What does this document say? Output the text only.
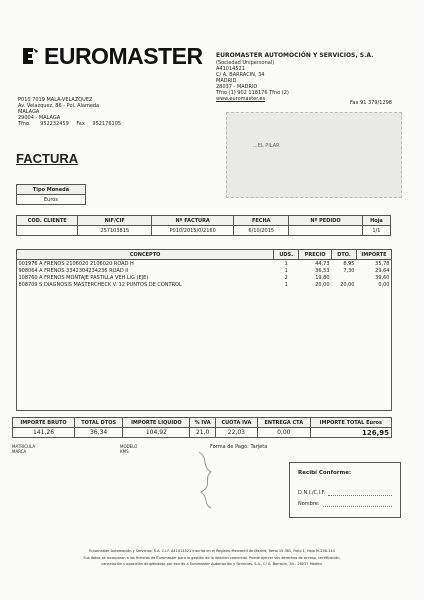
EUROMASTER EUROMASTER AUTOMOCIÓN Y SERVICIOS, S.A.
(Sociedad Unipersonal)
A41014521
C/ A. BARRACIN, 34
MADRID
28037 - MADRID
Tfno (1) 902 118176 Tfno (2)
www.euromaster.es
Fax 91 379/1298
P010 7019 MALA-VELAZQUEZ
Av. Velazquez, 86 - Pol. Alameda
MALAGA
29004 - MALAGA
Tfno. 952232459 Fax 952176105
...EL PILAR
FACTURA
Tipo Moneda
Euros
COD. CLIENTE	NIF/CIF	Nº FACTURA	FECHA	Nº PEDIDO	Hoja
	25710381S	P010/2015/0/2160	6/10/2015		1/1
CONCEPTO	UDS.	PRECIO	DTO.	IMPORTE
001976 A FRENOS 2106020 2106020 ROAD H	1	44,73	8,95	35,78
908064 A FRENOS 3342304234236 ROAD II	1	36,53	7,30	29,64
108760 A FRENOS MONTAJE PASTILLA VEH LIG (EJE)	2	19,80		39,60
808709 S DIAGNOSIS MASTERCHECK V. 12 PUNTOS DE CONTROL	1	20,00	20,00	0,00
IMPORTE BRUTO	TOTAL DTOS	IMPORTE LIQUIDO	% IVA	CUOTA IVA	ENTREGA CTA	IMPORTE TOTAL Euros
141,26	36,34	104,92	21,0	22,03	0,00	126,95
MATRICULA
MARCA
MODELO
KMS
Forma de Pago: Tarjeta
Recibí Conforme:
D.N.I./C.I.F.
Nombre:
Euromaster Automoción y Servicios, S.A. C.I.F. A41014521 Inscrita en el Registro Mercantil de Madrid, Tomo 15.361, Folio 1, Hoja M-258.144
Sus datos se incorporan a los ficheros de Euromaster para la gestión de la relación comercial. Puede ejercer sus derechos de acceso, rectificación,
cancelación y oposición dirigiéndose por escrito a Euromaster Automoción y Servicios, S.A., C/ A. Barracin, 34 - 28037 Madrid.
